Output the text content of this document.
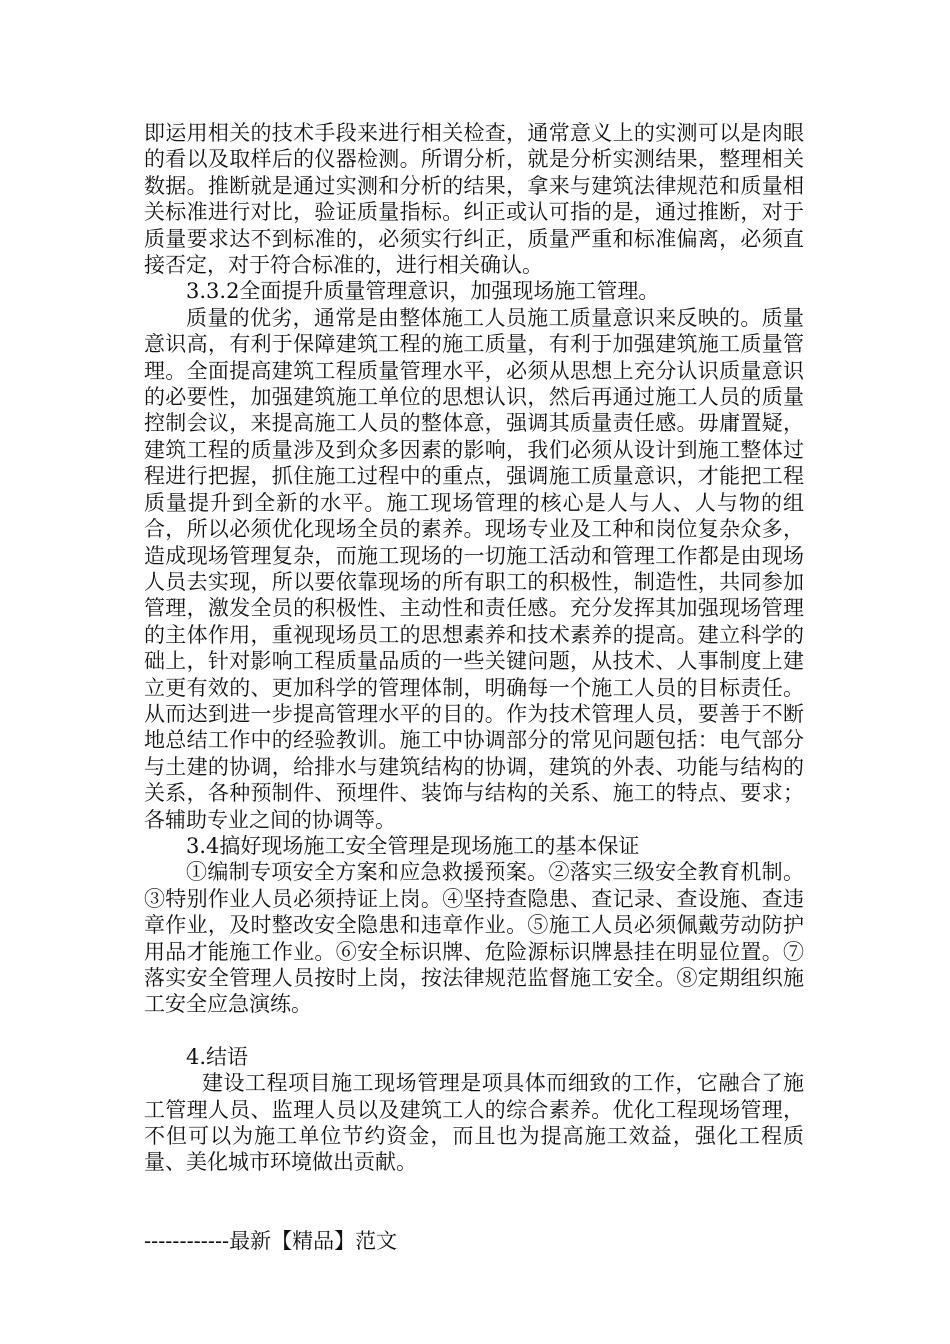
即运用相关的技术手段来进行相关检查，通常意义上的实测可以是肉眼的看以及取样后的仪器检测。所谓分析，就是分析实测结果，整理相关数据。推断就是通过实测和分析的结果，拿来与建筑法律规范和质量相关标准进行对比，验证质量指标。纠正或认可指的是，通过推断，对于质量要求达不到标准的，必须实行纠正，质量严重和标准偏离，必须直接否定，对于符合标准的，进行相关确认。

3.3.2全面提升质量管理意识，加强现场施工管理。

质量的优劣，通常是由整体施工人员施工质量意识来反映的。质量意识高，有利于保障建筑工程的施工质量，有利于加强建筑施工质量管理。全面提高建筑工程质量管理水平，必须从思想上充分认识质量意识的必要性，加强建筑施工单位的思想认识，然后再通过施工人员的质量控制会议，来提高施工人员的整体意，强调其质量责任感。毋庸置疑，建筑工程的质量涉及到众多因素的影响，我们必须从设计到施工整体过程进行把握，抓住施工过程中的重点，强调施工质量意识，才能把工程质量提升到全新的水平。施工现场管理的核心是人与人、人与物的组合，所以必须优化现场全员的素养。现场专业及工种和岗位复杂众多，造成现场管理复杂，而施工现场的一切施工活动和管理工作都是由现场人员去实现，所以要依靠现场的所有职工的积极性，制造性，共同参加管理，激发全员的积极性、主动性和责任感。充分发挥其加强现场管理的主体作用，重视现场员工的思想素养和技术素养的提高。建立科学的础上，针对影响工程质量品质的一些关键问题，从技术、人事制度上建立更有效的、更加科学的管理体制，明确每一个施工人员的目标责任。从而达到进一步提高管理水平的目的。作为技术管理人员，要善于不断地总结工作中的经验教训。施工中协调部分的常见问题包括：电气部分与土建的协调，给排水与建筑结构的协调，建筑的外表、功能与结构的关系，各种预制件、预埋件、装饰与结构的关系、施工的特点、要求；各辅助专业之间的协调等。

3.4搞好现场施工安全管理是现场施工的基本保证

①编制专项安全方案和应急救援预案。②落实三级安全教育机制。③特别作业人员必须持证上岗。④坚持查隐患、查记录、查设施、查违章作业，及时整改安全隐患和违章作业。⑤施工人员必须佩戴劳动防护用品才能施工作业。⑥安全标识牌、危险源标识牌悬挂在明显位置。⑦落实安全管理人员按时上岗，按法律规范监督施工安全。⑧定期组织施工安全应急演练。

4.结语

建设工程项目施工现场管理是项具体而细致的工作，它融合了施工管理人员、监理人员以及建筑工人的综合素养。优化工程现场管理，不但可以为施工单位节约资金，而且也为提高施工效益，强化工程质量、美化城市环境做出贡献。

------------最新【精品】范文
